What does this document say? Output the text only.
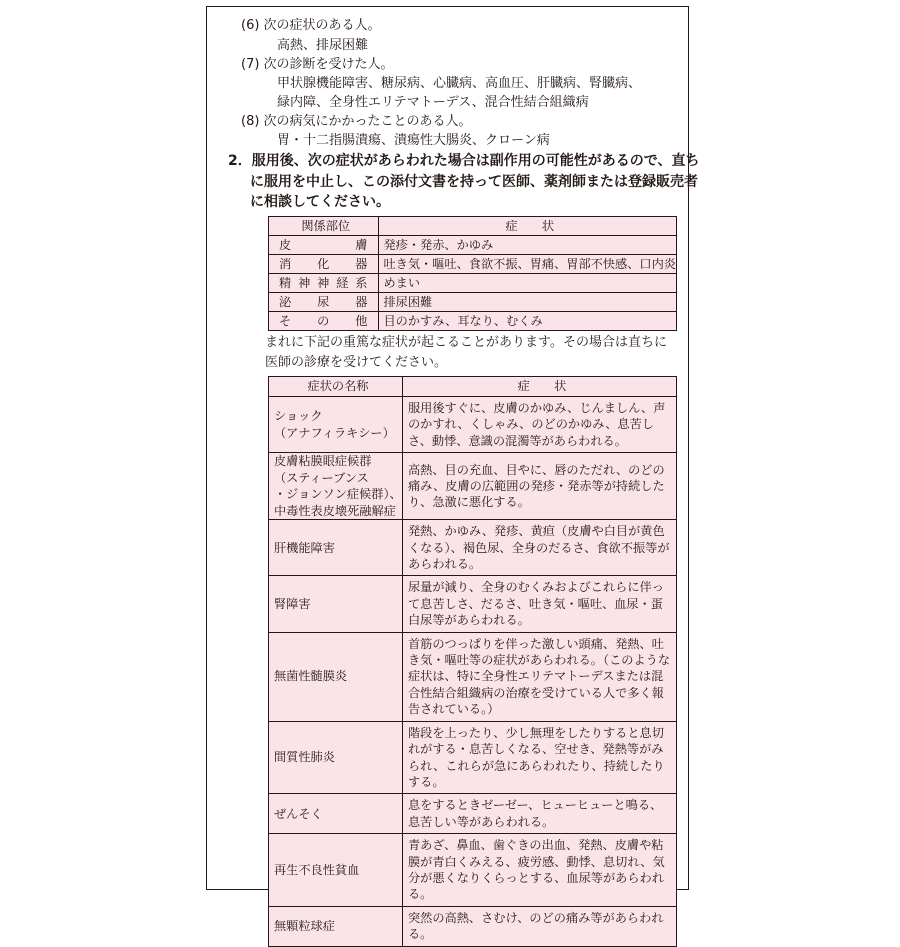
(6) 次の症状のある人。
高熱、排尿困難
(7) 次の診断を受けた人。
甲状腺機能障害、糖尿病、心臓病、高血圧、肝臓病、腎臓病、
緑内障、全身性エリテマトーデス、混合性結合組織病
(8) 次の病気にかかったことのある人。
胃・十二指腸潰瘍、潰瘍性大腸炎、クローン病
2．服用後、次の症状があらわれた場合は副作用の可能性があるので、直ち
に服用を中止し、この添付文書を持って医師、薬剤師または登録販売者
に相談してください。
関係部位	症　　状
皮膚	発疹・発赤、かゆみ
消化器	吐き気・嘔吐、食欲不振、胃痛、胃部不快感、口内炎
精神神経系	めまい
泌尿器	排尿困難
その他	目のかすみ、耳なり、むくみ
まれに下記の重篤な症状が起こることがあります。その場合は直ちに
医師の診療を受けてください。
症状の名称	症　　状

ショック
（アナフィラキシー）	服用後すぐに、皮膚のかゆみ、じんましん、声のかすれ、くしゃみ、のどのかゆみ、息苦しさ、動悸、意識の混濁等があらわれる。

皮膚粘膜眼症候群
（スティーブンス
・ジョンソン症候群）、
中毒性表皮壊死融解症	高熱、目の充血、目やに、唇のただれ、のどの痛み、皮膚の広範囲の発疹・発赤等が持続したり、急激に悪化する。

肝機能障害	発熱、かゆみ、発疹、黄疸（皮膚や白目が黄色くなる）、褐色尿、全身のだるさ、食欲不振等があらわれる。

腎障害	尿量が減り、全身のむくみおよびこれらに伴って息苦しさ、だるさ、吐き気・嘔吐、血尿・蛋白尿等があらわれる。

無菌性髄膜炎	首筋のつっぱりを伴った激しい頭痛、発熱、吐き気・嘔吐等の症状があらわれる。（このような症状は、特に全身性エリテマトーデスまたは混合性結合組織病の治療を受けている人で多く報告されている。）

間質性肺炎	階段を上ったり、少し無理をしたりすると息切れがする・息苦しくなる、空せき、発熱等がみられ、これらが急にあらわれたり、持続したりする。

ぜんそく	息をするときゼーゼー、ヒューヒューと鳴る、息苦しい等があらわれる。

再生不良性貧血	青あざ、鼻血、歯ぐきの出血、発熱、皮膚や粘膜が青白くみえる、疲労感、動悸、息切れ、気分が悪くなりくらっとする、血尿等があらわれる。

無顆粒球症	突然の高熱、さむけ、のどの痛み等があらわれる。
